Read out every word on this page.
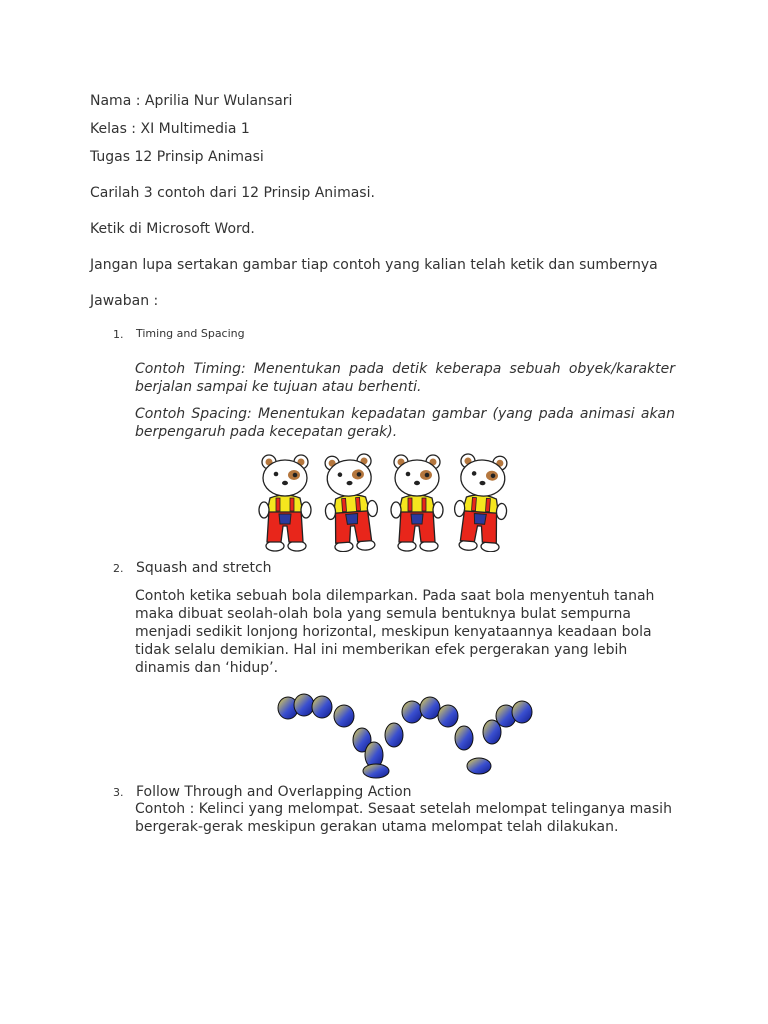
Nama : Aprilia Nur Wulansari
Kelas : XI Multimedia 1
Tugas 12 Prinsip Animasi
Carilah 3 contoh dari 12 Prinsip Animasi.
Ketik di Microsoft Word.
Jangan lupa sertakan gambar tiap contoh yang kalian telah ketik dan sumbernya
Jawaban :
1. Timing and Spacing
Contoh Timing: Menentukan pada detik keberapa sebuah obyek/karakter berjalan sampai ke tujuan atau berhenti.
Contoh Spacing: Menentukan kepadatan gambar (yang pada animasi akan berpengaruh pada kecepatan gerak).
2. Squash and stretch
Contoh ketika sebuah bola dilemparkan. Pada saat bola menyentuh tanah maka dibuat seolah-olah bola yang semula bentuknya bulat sempurna menjadi sedikit lonjong horizontal, meskipun kenyataannya keadaan bola tidak selalu demikian. Hal ini memberikan efek pergerakan yang lebih dinamis dan ‘hidup’.
3. Follow Through and Overlapping Action
Contoh : Kelinci yang melompat. Sesaat setelah melompat telinganya masih bergerak-gerak meskipun gerakan utama melompat telah dilakukan.
